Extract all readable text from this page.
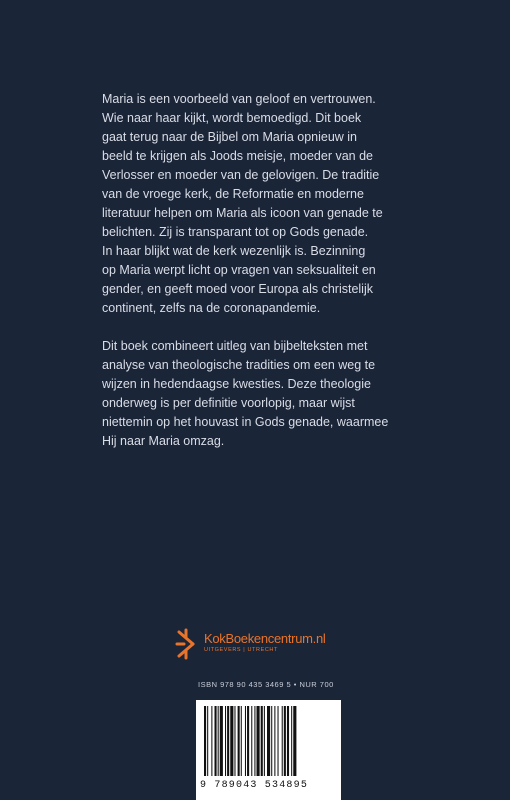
Maria is een voorbeeld van geloof en vertrouwen.
Wie naar haar kijkt, wordt bemoedigd. Dit boek
gaat terug naar de Bijbel om Maria opnieuw in
beeld te krijgen als Joods meisje, moeder van de
Verlosser en moeder van de gelovigen. De traditie
van de vroege kerk, de Reformatie en moderne
literatuur helpen om Maria als icoon van genade te
belichten. Zij is transparant tot op Gods genade.
In haar blijkt wat de kerk wezenlijk is. Bezinning
op Maria werpt licht op vragen van seksualiteit en
gender, en geeft moed voor Europa als christelijk
continent, zelfs na de coronapandemie.

Dit boek combineert uitleg van bijbelteksten met
analyse van theologische tradities om een weg te
wijzen in hedendaagse kwesties. Deze theologie
onderweg is per definitie voorlopig, maar wijst
niettemin op het houvast in Gods genade, waarmee
Hij naar Maria omzag.

KokBoekencentrum.nl
UITGEVERS | UTRECHT
ISBN 978 90 435 3469 5 • NUR 700
9 789043 534895
